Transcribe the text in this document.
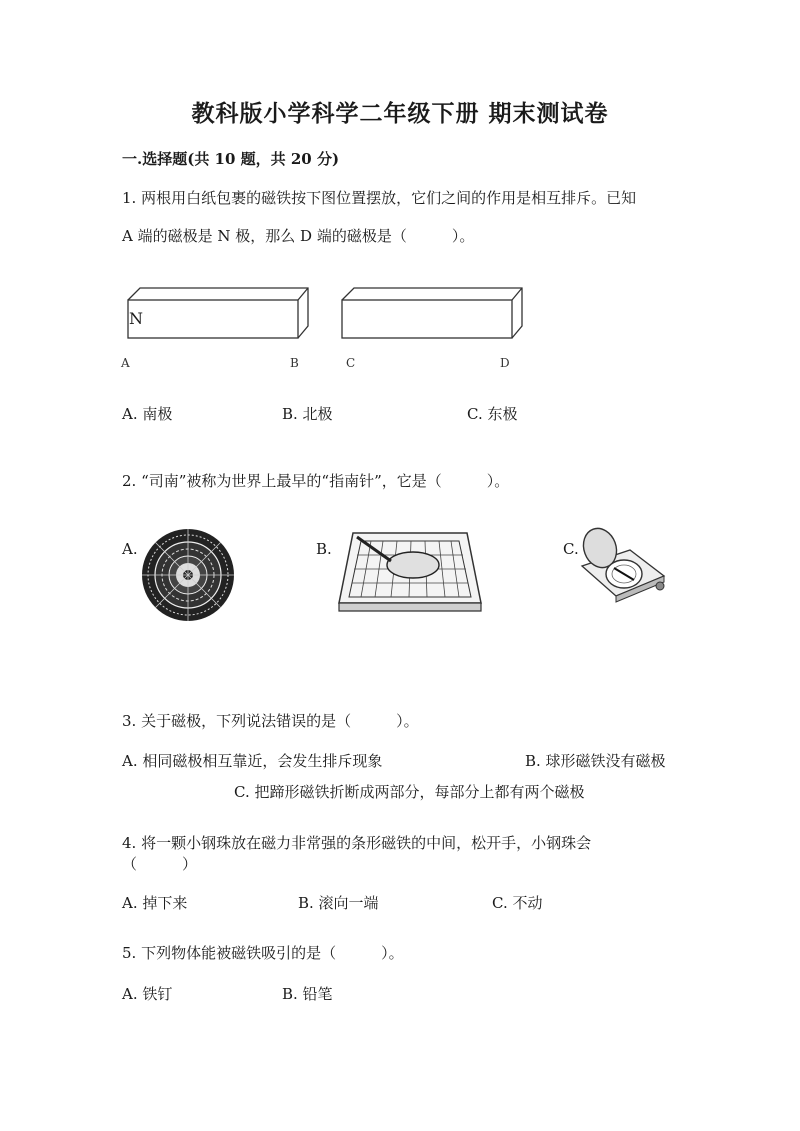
教科版小学科学二年级下册 期末测试卷
一.选择题(共 10 题，共 20 分)
1. 两根用白纸包裹的磁铁按下图位置摆放，它们之间的作用是相互排斥。已知
A 端的磁极是 N 极，那么 D 端的磁极是（　　　）。
N
A	B	C	D
A. 南极	B. 北极	C. 东极
2. “司南”被称为世界上最早的“指南针”，它是（　　　）。
A.	B.	C.
3. 关于磁极，下列说法错误的是（　　　）。
A. 相同磁极相互靠近，会发生排斥现象	B. 球形磁铁没有磁极
C. 把蹄形磁铁折断成两部分，每部分上都有两个磁极
4. 将一颗小钢珠放在磁力非常强的条形磁铁的中间，松开手，小钢珠会
（　　　）
A. 掉下来	B. 滚向一端	C. 不动
5. 下列物体能被磁铁吸引的是（　　　）。
A. 铁钉	B. 铅笔
